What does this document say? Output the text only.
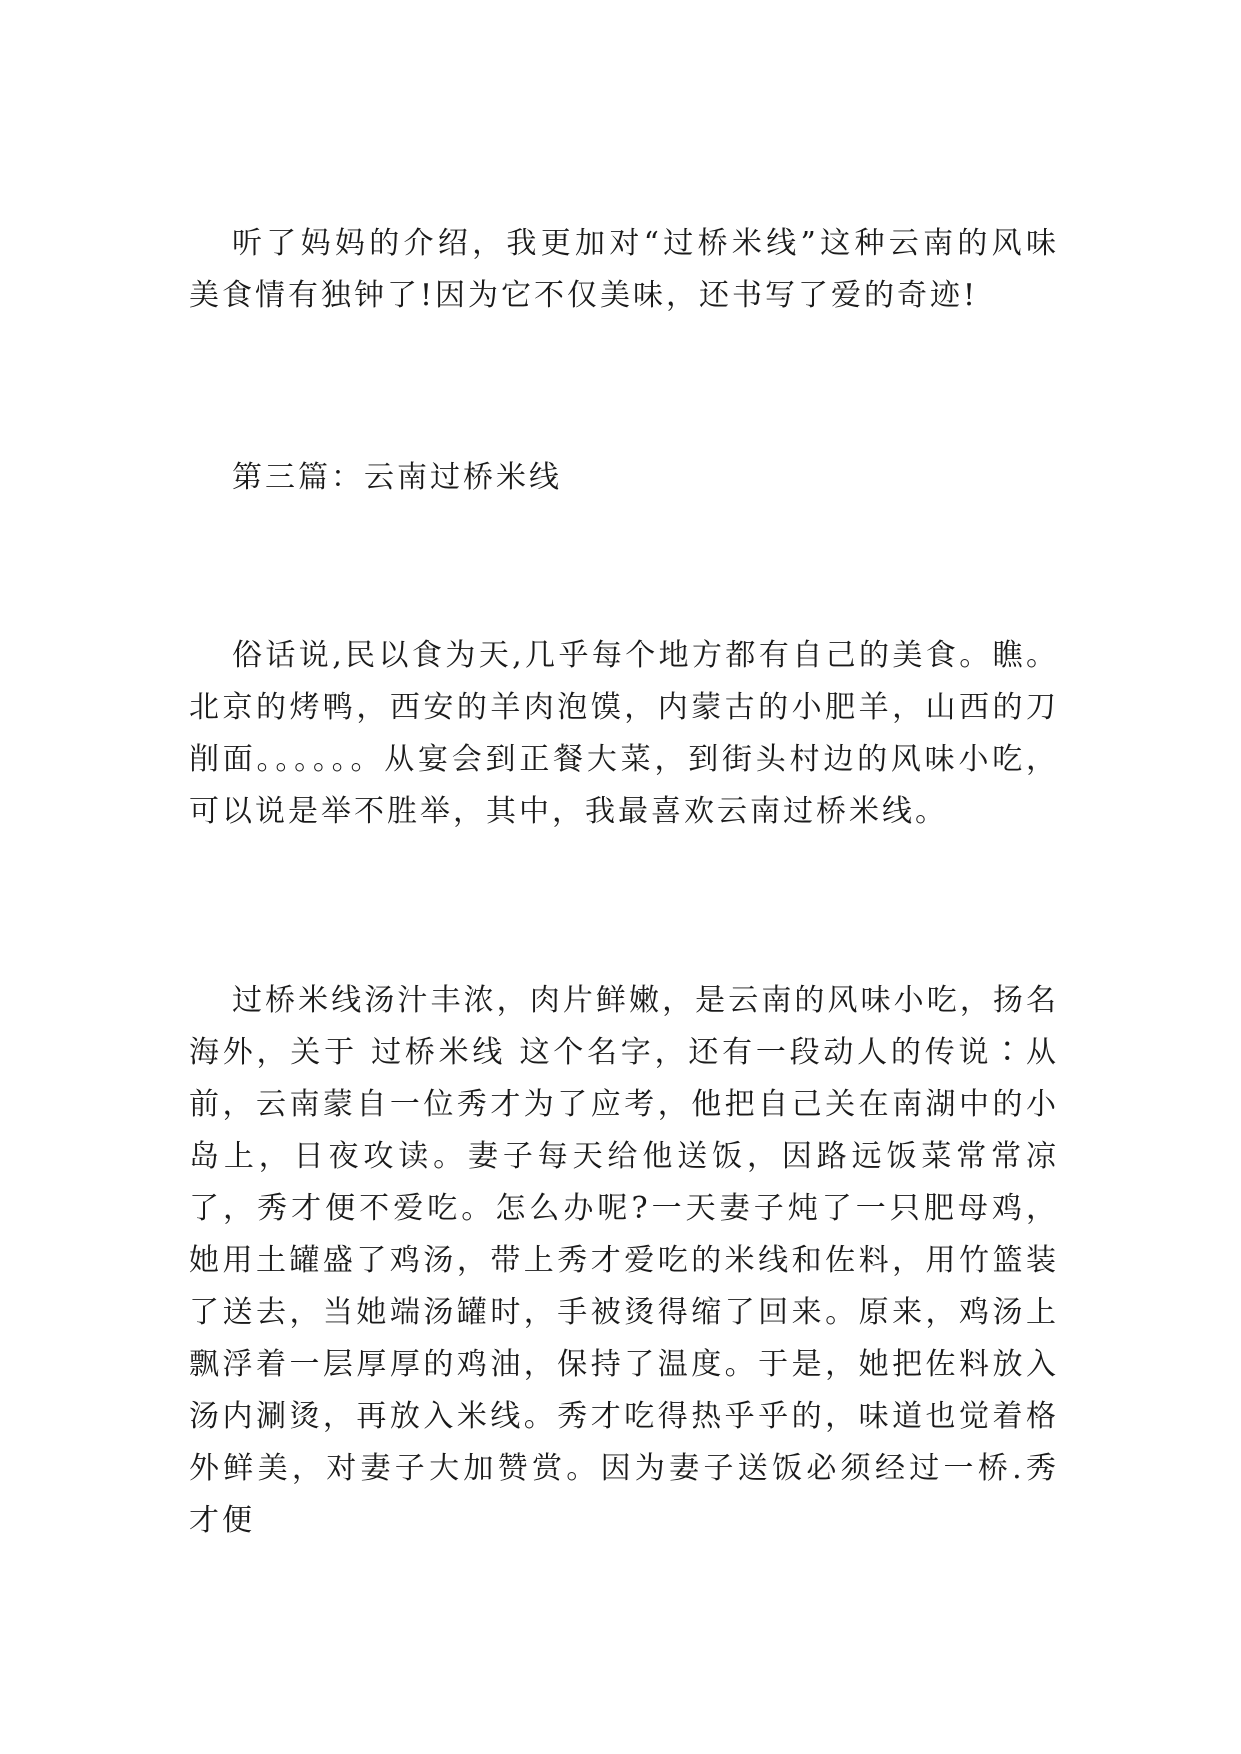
听了妈妈的介绍，我更加对“过桥米线”这种云南的风味美食情有独钟了!因为它不仅美味，还书写了爱的奇迹!

第三篇：云南过桥米线

俗话说,民以食为天,几乎每个地方都有自己的美食。瞧。北京的烤鸭，西安的羊肉泡馍，内蒙古的小肥羊，山西的刀削面。。。。。。从宴会到正餐大菜，到街头村边的风味小吃，可以说是举不胜举，其中，我最喜欢云南过桥米线。

过桥米线汤汁丰浓，肉片鲜嫩，是云南的风味小吃，扬名海外，关于 过桥米线 这个名字，还有一段动人的传说∶从前，云南蒙自一位秀才为了应考，他把自己关在南湖中的小岛上，日夜攻读。妻子每天给他送饭，因路远饭菜常常凉了，秀才便不爱吃。怎么办呢?一天妻子炖了一只肥母鸡，她用土罐盛了鸡汤，带上秀才爱吃的米线和佐料，用竹篮装了送去，当她端汤罐时，手被烫得缩了回来。原来，鸡汤上飘浮着一层厚厚的鸡油，保持了温度。于是，她把佐料放入汤内涮烫，再放入米线。秀才吃得热乎乎的，味道也觉着格外鲜美，对妻子大加赞赏。因为妻子送饭必须经过一桥.秀才便
